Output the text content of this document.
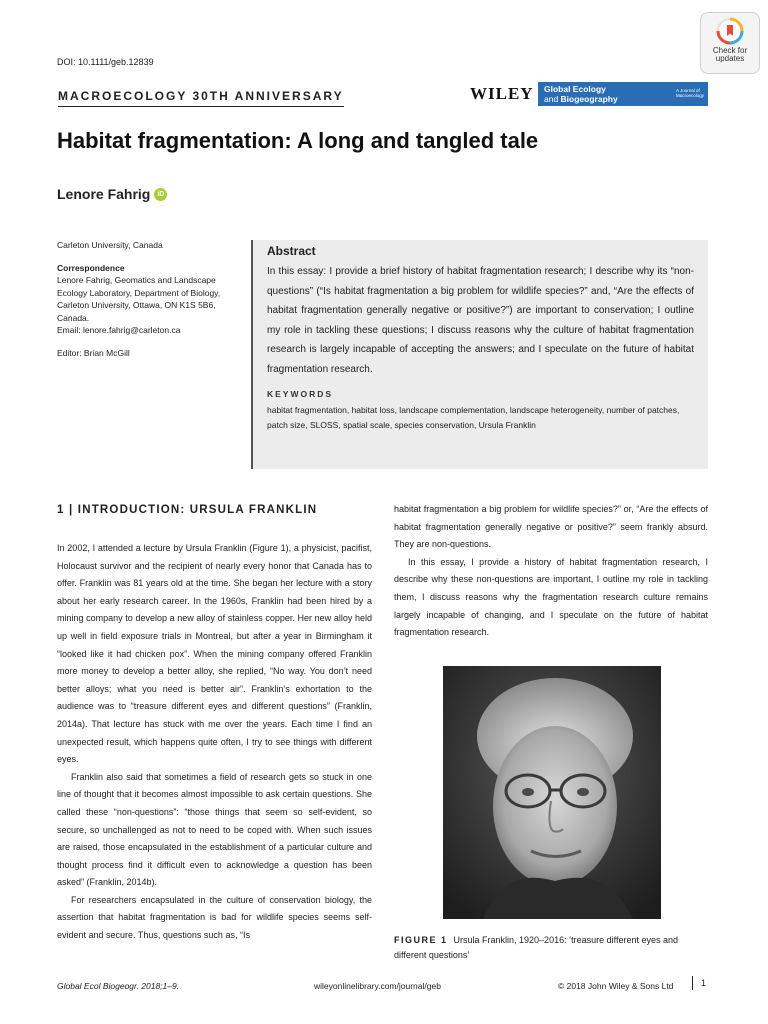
DOI: 10.1111/geb.12839
Check for
updates
MACROECOLOGY 30TH ANNIVERSARY	WILEY Global Ecology
and Biogeography
A Journal of Macroecology
Habitat fragmentation: A long and tangled tale
Lenore Fahrig	iD
Carleton University, Canada
Correspondence
Lenore Fahrig, Geomatics and Landscape
Ecology Laboratory, Department of Biology,
Carleton University, Ottawa, ON K1S 5B6,
Canada.
Email: lenore.fahrig@carleton.ca
Editor: Brian McGill
Abstract

In this essay: I provide a brief history of habitat fragmentation research; I describe why its “non-questions” (“Is habitat fragmentation a big problem for wildlife species?” and, “Are the effects of habitat fragmentation generally negative or positive?”) are important to conservation; I outline my role in tackling these questions; I discuss reasons why the culture of habitat fragmentation research is largely incapable of accepting the answers; and I speculate on the future of habitat fragmentation research.

KEYWORDS
habitat fragmentation, habitat loss, landscape complementation, landscape heterogeneity, number of patches, patch size, SLOSS, spatial scale, species conservation, Ursula Franklin
1 | INTRODUCTION: URSULA FRANKLIN

In 2002, I attended a lecture by Ursula Franklin (Figure 1), a physicist, pacifist, Holocaust survivor and the recipient of nearly every honor that Canada has to offer. Franklin was 81 years old at the time. She began her lecture with a story about her early research career. In the 1960s, Franklin had been hired by a mining company to develop a new alloy of stainless copper. Her new alloy held up well in field exposure trials in Montreal, but after a year in Birmingham it “looked like it had chicken pox”. When the mining company offered Franklin more money to develop a better alloy, she replied, “No way. You don’t need better alloys; what you need is better air”. Franklin’s exhortation to the audience was to “treasure different eyes and different questions” (Franklin, 2014a). That lecture has stuck with me over the years. Each time I find an unexpected result, which happens quite often, I try to see things with different eyes.

Franklin also said that sometimes a field of research gets so stuck in one line of thought that it becomes almost impossible to ask certain questions. She called these “non-questions”: “those things that seem so self-evident, so secure, so unchallenged as not to need to be coped with. When such issues are raised, those encapsulated in the establishment of a particular culture and thought process find it difficult even to acknowledge a question has been asked” (Franklin, 2014b).

For researchers encapsulated in the culture of conservation biology, the assertion that habitat fragmentation is bad for wildlife species seems self-evident and secure. Thus, questions such as, “Is

habitat fragmentation a big problem for wildlife species?” or, “Are the effects of habitat fragmentation generally negative or positive?” seem frankly absurd. They are non-questions.

In this essay, I provide a history of habitat fragmentation research, I describe why these non-questions are important, I outline my role in tackling them, I discuss reasons why the fragmentation research culture remains largely incapable of changing, and I speculate on the future of habitat fragmentation research.

FIGURE 1 Ursula Franklin, 1920–2016: ‘treasure different eyes and different questions’
Global Ecol Biogeogr. 2018;1–9.	wileyonlinelibrary.com/journal/geb	© 2018 John Wiley & Sons Ltd	1
